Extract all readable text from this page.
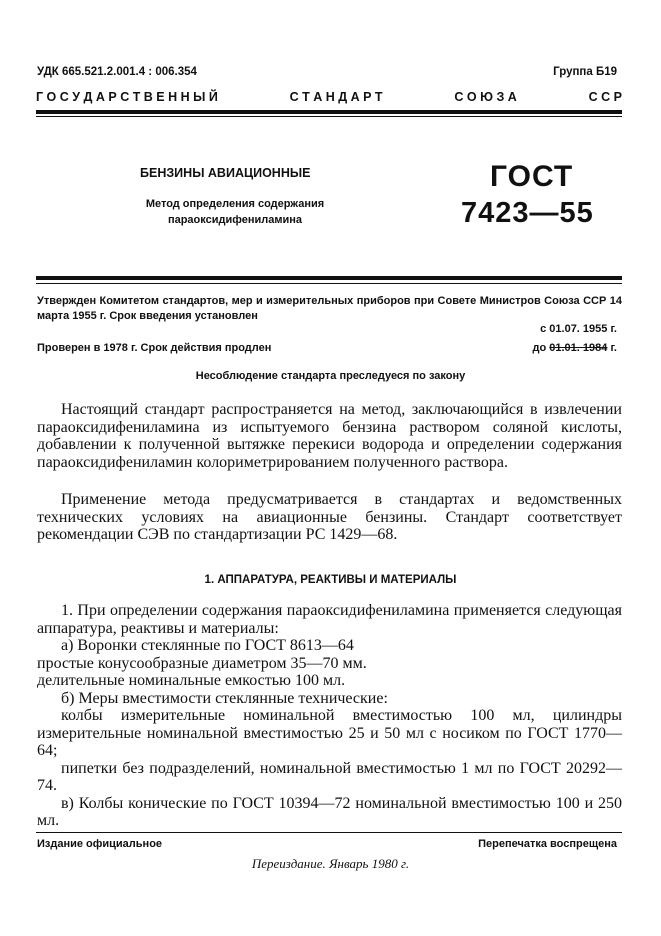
УДК 665.521.2.001.4 : 006.354	Группа Б19
Г О С У Д А Р С Т В Е Н Н Ы Й	С Т А Н Д А Р Т	С О Ю З А	С С Р
БЕНЗИНЫ АВИАЦИОННЫЕ
Метод определения содержания
параоксидифениламина
ГОСТ
7423—55
Утвержден Комитетом стандартов, мер и измерительных приборов при Совете Министров Союза ССР 14 марта 1955 г. Срок введения установлен
с 01.07. 1955 г.
Проверен в 1978 г. Срок действия продлен	до 01.01. 1984 г.
Несоблюдение стандарта преследуеся по закону
Настоящий стандарт распространяется на метод, заключающийся в извлечении параоксидифениламина из испытуемого бензина раствором соляной кислоты, добавлении к полученной вытяжке перекиси водорода и определении содержания параоксидифениламин колориметрированием полученного раствора.
Применение метода предусматривается в стандартах и ведомственных технических условиях на авиационные бензины. Стандарт соответствует рекомендации СЭВ по стандартизации РС 1429—68.
1. АППАРАТУРА, РЕАКТИВЫ И МАТЕРИАЛЫ
1. При определении содержания параоксидифениламина применяется следующая аппаратура, реактивы и материалы:
а) Воронки стеклянные по ГОСТ 8613—64
простые конусообразные диаметром 35—70 мм.
делительные номинальные емкостью 100 мл.
б) Меры вместимости стеклянные технические:
колбы измерительные номинальной вместимостью 100 мл, цилиндры измерительные номинальной вместимостью 25 и 50 мл с носиком по ГОСТ 1770—64;
пипетки без подразделений, номинальной вместимостью 1 мл по ГОСТ 20292—74.
в) Колбы конические по ГОСТ 10394—72 номинальной вместимостью 100 и 250 мл.
Издание официальное	Перепечатка воспрещена
Переиздание. Январь 1980 г.
